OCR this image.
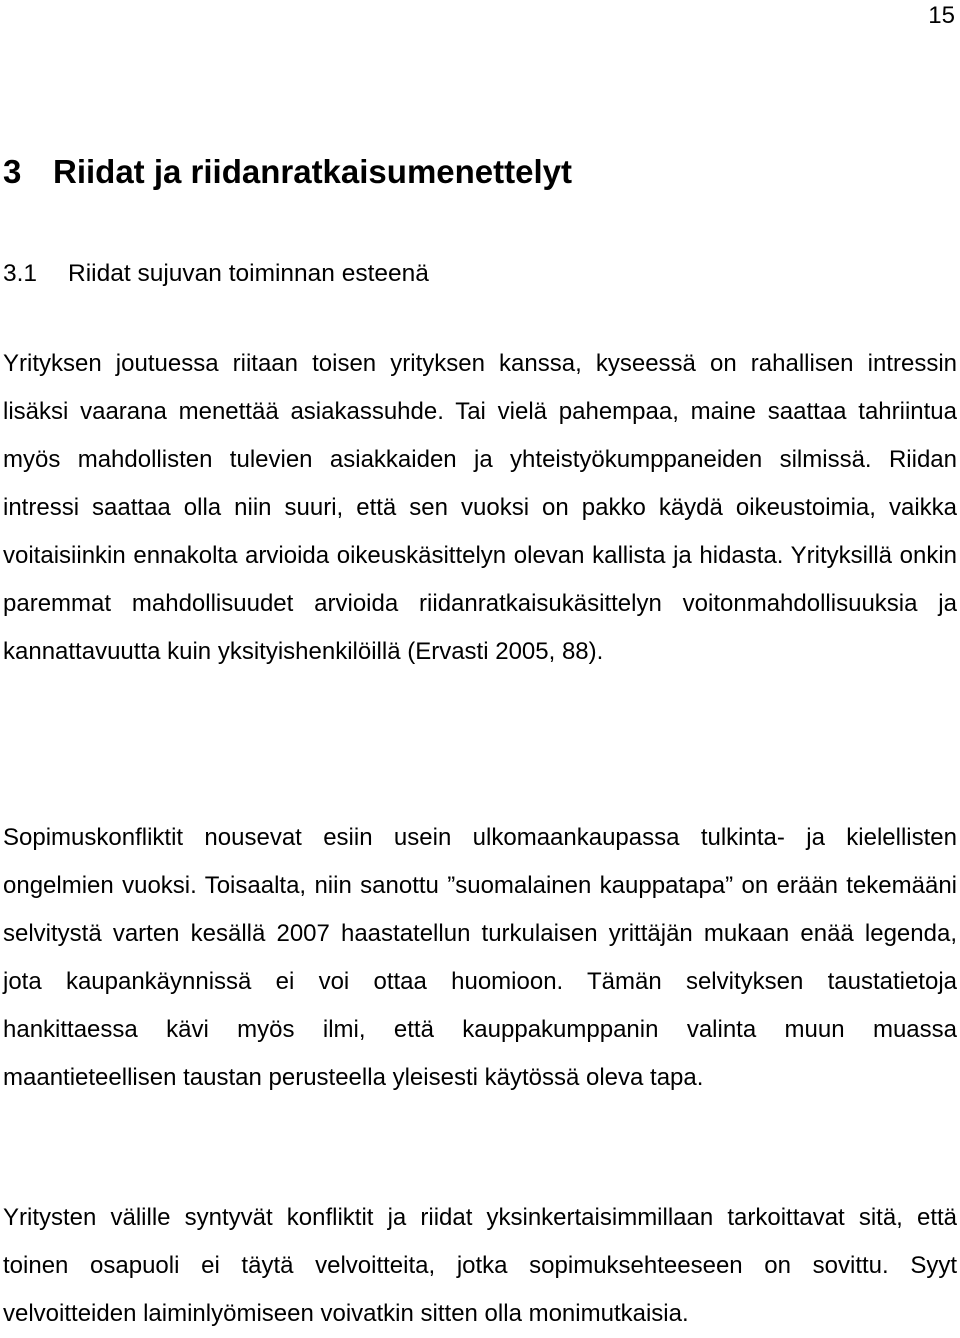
15
3 Riidat ja riidanratkaisumenettelyt
3.1 Riidat sujuvan toiminnan esteenä

Yrityksen joutuessa riitaan toisen yrityksen kanssa, kyseessä on rahallisen intressin lisäksi vaarana menettää asiakassuhde. Tai vielä pahempaa, maine saattaa tahriintua myös mahdollisten tulevien asiakkaiden ja yhteistyökumppaneiden silmissä. Riidan intressi saattaa olla niin suuri, että sen vuoksi on pakko käydä oikeustoimia, vaikka voitaisiinkin ennakolta arvioida oikeuskäsittelyn olevan kallista ja hidasta. Yrityksillä onkin paremmat mahdollisuudet arvioida riidanratkaisukäsittelyn voitonmahdollisuuksia ja kannattavuutta kuin yksityishenkilöillä (Ervasti 2005, 88).

Sopimuskonfliktit nousevat esiin usein ulkomaankaupassa tulkinta- ja kielellisten ongelmien vuoksi. Toisaalta, niin sanottu ”suomalainen kauppatapa” on erään tekemääni selvitystä varten kesällä 2007 haastatellun turkulaisen yrittäjän mukaan enää legenda, jota kaupankäynnissä ei voi ottaa huomioon. Tämän selvityksen taustatietoja hankittaessa kävi myös ilmi, että kauppakumppanin valinta muun muassa maantieteellisen taustan perusteella yleisesti käytössä oleva tapa.

Yritysten välille syntyvät konfliktit ja riidat yksinkertaisimmillaan tarkoittavat sitä, että toinen osapuoli ei täytä velvoitteita, jotka sopimuksehteeseen on sovittu. Syyt velvoitteiden laiminlyömiseen voivatkin sitten olla monimutkaisia.
